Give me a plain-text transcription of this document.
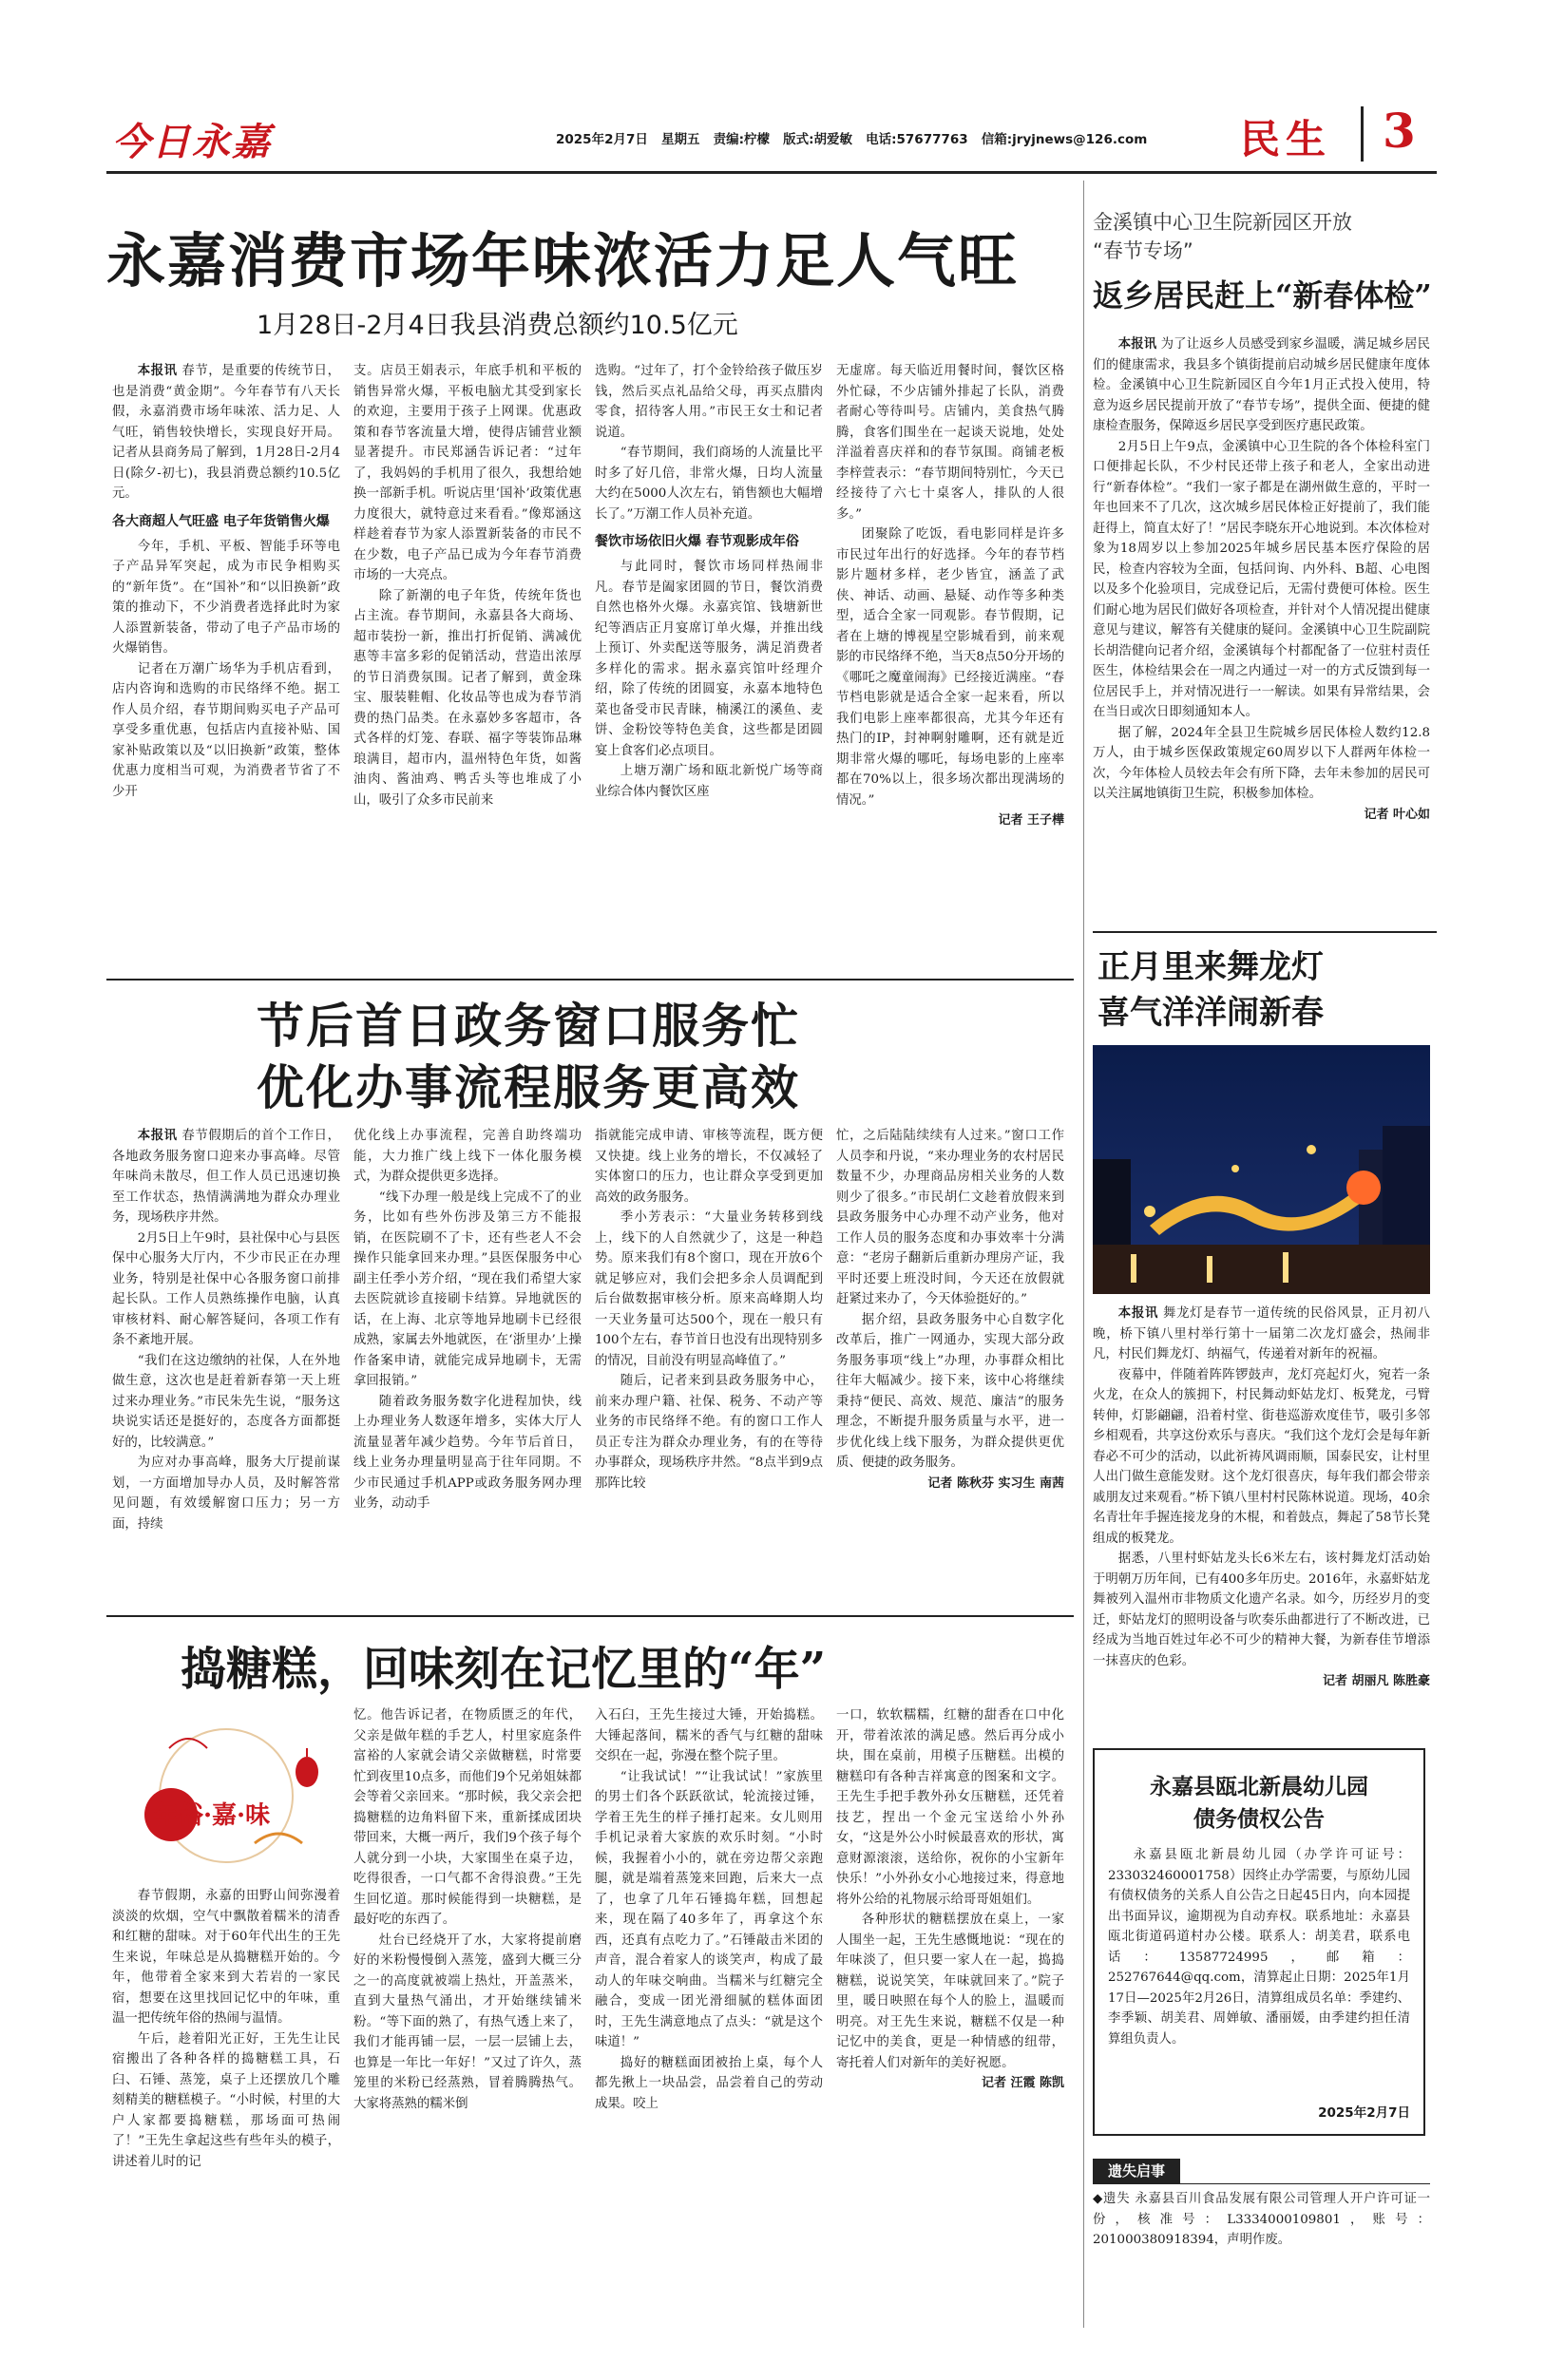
今日永嘉	2025年2月7日 星期五 责编:柠檬 版式:胡爱敏 电话:57677763 信箱:jryjnews@126.com 民生 3
永嘉消费市场年味浓活力足人气旺
1月28日-2月4日我县消费总额约10.5亿元

本报讯 春节，是重要的传统节日，也是消费“黄金期”。今年春节有八天长假，永嘉消费市场年味浓、活力足、人气旺，销售较快增长，实现良好开局。记者从县商务局了解到，1月28日-2月4日(除夕-初七)，我县消费总额约10.5亿元。

各大商超人气旺盛 电子年货销售火爆

今年，手机、平板、智能手环等电子产品异军突起，成为市民争相购买的“新年货”。在“国补”和“以旧换新”政策的推动下，不少消费者选择此时为家人添置新装备，带动了电子产品市场的火爆销售。

记者在万潮广场华为手机店看到，店内咨询和选购的市民络绎不绝。据工作人员介绍，春节期间购买电子产品可享受多重优惠，包括店内直接补贴、国家补贴政策以及“以旧换新”政策，整体优惠力度相当可观，为消费者节省了不少开

支。店员王娟表示，年底手机和平板的销售异常火爆，平板电脑尤其受到家长的欢迎，主要用于孩子上网课。优惠政策和春节客流量大增，使得店铺营业额显著提升。市民郑涵告诉记者：“过年了，我妈妈的手机用了很久，我想给她换一部新手机。听说店里‘国补’政策优惠力度很大，就特意过来看看。”像郑涵这样趁着春节为家人添置新装备的市民不在少数，电子产品已成为今年春节消费市场的一大亮点。

除了新潮的电子年货，传统年货也占主流。春节期间，永嘉县各大商场、超市装扮一新，推出打折促销、满减优惠等丰富多彩的促销活动，营造出浓厚的节日消费氛围。记者了解到，黄金珠宝、服装鞋帽、化妆品等也成为春节消费的热门品类。在永嘉妙多客超市，各式各样的灯笼、春联、福字等装饰品琳琅满目，超市内，温州特色年货，如酱油肉、酱油鸡、鸭舌头等也堆成了小山，吸引了众多市民前来

选购。“过年了，打个金铃给孩子做压岁钱，然后买点礼品给父母，再买点腊肉零食，招待客人用。”市民王女士和记者说道。

“春节期间，我们商场的人流量比平时多了好几倍，非常火爆，日均人流量大约在5000人次左右，销售额也大幅增长了。”万潮工作人员补充道。

餐饮市场依旧火爆 春节观影成年俗

与此同时，餐饮市场同样热闹非凡。春节是阖家团圆的节日，餐饮消费自然也格外火爆。永嘉宾馆、钱塘新世纪等酒店正月宴席订单火爆，并推出线上预订、外卖配送等服务，满足消费者多样化的需求。据永嘉宾馆叶经理介绍，除了传统的团圆宴，永嘉本地特色菜也备受市民青睐，楠溪江的溪鱼、麦饼、金粉饺等特色美食，这些都是团圆宴上食客们必点项目。

上塘万潮广场和瓯北新悦广场等商业综合体内餐饮区座

无虚席。每天临近用餐时间，餐饮区格外忙碌，不少店铺外排起了长队，消费者耐心等待叫号。店铺内，美食热气腾腾，食客们围坐在一起谈天说地，处处洋溢着喜庆祥和的春节氛围。商铺老板李梓萱表示：“春节期间特别忙，今天已经接待了六七十桌客人，排队的人很多。”

团聚除了吃饭，看电影同样是许多市民过年出行的好选择。今年的春节档影片题材多样，老少皆宜，涵盖了武侠、神话、动画、悬疑、动作等多种类型，适合全家一同观影。春节假期，记者在上塘的博视星空影城看到，前来观影的市民络绎不绝，当天8点50分开场的《哪吒之魔童闹海》已经接近满座。“春节档电影就是适合全家一起来看，所以我们电影上座率都很高，尤其今年还有热门的IP，封神啊射雕啊，还有就是近期非常火爆的哪吒，每场电影的上座率都在70%以上，很多场次都出现满场的情况。”

记者 王子樺
节后首日政务窗口服务忙
优化办事流程服务更高效

本报讯 春节假期后的首个工作日，各地政务服务窗口迎来办事高峰。尽管年味尚未散尽，但工作人员已迅速切换至工作状态，热情满满地为群众办理业务，现场秩序井然。

2月5日上午9时，县社保中心与县医保中心服务大厅内，不少市民正在办理业务，特别是社保中心各服务窗口前排起长队。工作人员熟练操作电脑，认真审核材料、耐心解答疑问，各项工作有条不紊地开展。

“我们在这边缴纳的社保，人在外地做生意，这次也是赶着新春第一天上班过来办理业务。”市民朱先生说，“服务这块说实话还是挺好的，态度各方面都挺好的，比较满意。”

为应对办事高峰，服务大厅提前谋划，一方面增加导办人员，及时解答常见问题，有效缓解窗口压力；另一方面，持续

优化线上办事流程，完善自助终端功能，大力推广线上线下一体化服务模式，为群众提供更多选择。

“线下办理一般是线上完成不了的业务，比如有些外伤涉及第三方不能报销，在医院刷不了卡，还有些老人不会操作只能拿回来办理。”县医保服务中心副主任季小芳介绍，“现在我们希望大家去医院就诊直接刷卡结算。异地就医的话，在上海、北京等地异地刷卡已经很成熟，家属去外地就医，在‘浙里办’上操作备案申请，就能完成异地刷卡，无需拿回报销。”

随着政务服务数字化进程加快，线上办理业务人数逐年增多，实体大厅人流量显著年减少趋势。今年节后首日，线上业务办理量明显高于往年同期。不少市民通过手机APP或政务服务网办理业务，动动手

指就能完成申请、审核等流程，既方便又快捷。线上业务的增长，不仅减轻了实体窗口的压力，也让群众享受到更加高效的政务服务。

季小芳表示：“大量业务转移到线上，线下的人自然就少了，这是一种趋势。原来我们有8个窗口，现在开放6个就足够应对，我们会把多余人员调配到后台做数据审核分析。原来高峰期人均一天业务量可达500个，现在一般只有100个左右，春节首日也没有出现特别多的情况，目前没有明显高峰值了。”

随后，记者来到县政务服务中心，前来办理户籍、社保、税务、不动产等业务的市民络绎不绝。有的窗口工作人员正专注为群众办理业务，有的在等待办事群众，现场秩序井然。“8点半到9点那阵比较

忙，之后陆陆续续有人过来。”窗口工作人员李和丹说，“来办理业务的农村居民数量不少，办理商品房相关业务的人数则少了很多。”市民胡仁文趁着放假来到县政务服务中心办理不动产业务，他对工作人员的服务态度和办事效率十分满意：“老房子翻新后重新办理房产证，我平时还要上班没时间，今天还在放假就赶紧过来办了，今天体验挺好的。”

据介绍，县政务服务中心自数字化改革后，推广一网通办，实现大部分政务服务事项“线上”办理，办事群众相比往年大幅减少。接下来，该中心将继续秉持“便民、高效、规范、廉洁”的服务理念，不断提升服务质量与水平，进一步优化线上线下服务，为群众提供更优质、便捷的政务服务。

记者 陈秋芬 实习生 南茜
捣糖糕，回味刻在记忆里的“年”
年俗·嘉·味

春节假期，永嘉的田野山间弥漫着淡淡的炊烟，空气中飘散着糯米的清香和红糖的甜味。对于60年代出生的王先生来说，年味总是从捣糖糕开始的。今年，他带着全家来到大若岩的一家民宿，想要在这里找回记忆中的年味，重温一把传统年俗的热闹与温情。

午后，趁着阳光正好，王先生让民宿搬出了各种各样的捣糖糕工具，石臼、石锤、蒸笼，桌子上还摆放几个雕刻精美的糖糕模子。“小时候，村里的大户人家都要捣糖糕，那场面可热闹了！”王先生拿起这些有些年头的模子，讲述着儿时的记

忆。他告诉记者，在物质匮乏的年代，父亲是做年糕的手艺人，村里家庭条件富裕的人家就会请父亲做糖糕，时常要忙到夜里10点多，而他们9个兄弟姐妹都会等着父亲回来。“那时候，我父亲会把捣糖糕的边角料留下来，重新揉成团块带回来，大概一两斤，我们9个孩子每个人就分到一小块，大家围坐在桌子边，吃得很香，一口气都不舍得浪费。”王先生回忆道。那时候能得到一块糖糕，是最好吃的东西了。

灶台已经烧开了水，大家将提前磨好的米粉慢慢倒入蒸笼，盛到大概三分之一的高度就被端上热灶，开盖蒸米，直到大量热气涌出，才开始继续铺米粉。“等下面的熟了，有热气透上来了，我们才能再铺一层，一层一层铺上去，也算是一年比一年好！”又过了许久，蒸笼里的米粉已经蒸熟，冒着腾腾热气。大家将蒸熟的糯米倒

入石臼，王先生接过大锤，开始捣糕。大锤起落间，糯米的香气与红糖的甜味交织在一起，弥漫在整个院子里。

“让我试试！”“让我试试！”家族里的男士们各个跃跃欲试，轮流接过锤，学着王先生的样子捶打起来。女儿则用手机记录着大家族的欢乐时刻。“小时候，我握着小小的，就在旁边帮父亲跑腿，就是端着蒸笼来回跑，后来大一点了，也拿了几年石锤捣年糕，回想起来，现在隔了40多年了，再拿这个东西，还真有点吃力了。”石锤敲击米团的声音，混合着家人的谈笑声，构成了最动人的年味交响曲。当糯米与红糖完全融合，变成一团光滑细腻的糕体面团时，王先生满意地点了点头：“就是这个味道！”

捣好的糖糕面团被抬上桌，每个人都先揪上一块品尝，品尝着自己的劳动成果。咬上

一口，软软糯糯，红糖的甜香在口中化开，带着浓浓的满足感。然后再分成小块，围在桌前，用模子压糖糕。出模的糖糕印有各种吉祥寓意的图案和文字。王先生手把手教外孙女压糖糕，还凭着技艺，捏出一个金元宝送给小外孙女，“这是外公小时候最喜欢的形状，寓意财源滚滚，送给你，祝你的小宝新年快乐！”小外孙女小心地接过来，得意地将外公给的礼物展示给哥哥姐姐们。

各种形状的糖糕摆放在桌上，一家人围坐一起，王先生感慨地说：“现在的年味淡了，但只要一家人在一起，捣捣糖糕，说说笑笑，年味就回来了。”院子里，暖日映照在每个人的脸上，温暖而明亮。对王先生来说，糖糕不仅是一种记忆中的美食，更是一种情感的纽带，寄托着人们对新年的美好祝愿。

记者 汪霞 陈凯
金溪镇中心卫生院新园区开放
“春节专场”
返乡居民赶上“新春体检”

本报讯 为了让返乡人员感受到家乡温暖，满足城乡居民们的健康需求，我县多个镇街提前启动城乡居民健康年度体检。金溪镇中心卫生院新园区自今年1月正式投入使用，特意为返乡居民提前开放了“春节专场”，提供全面、便捷的健康检查服务，保障返乡居民享受到医疗惠民政策。

2月5日上午9点，金溪镇中心卫生院的各个体检科室门口便排起长队，不少村民还带上孩子和老人，全家出动进行“新春体检”。“我们一家子都是在湖州做生意的，平时一年也回来不了几次，这次城乡居民体检正好提前了，我们能赶得上，简直太好了！”居民李晓东开心地说到。本次体检对象为18周岁以上参加2025年城乡居民基本医疗保险的居民，检查内容较为全面，包括问询、内外科、B超、心电图以及多个化验项目，完成登记后，无需付费便可体检。医生们耐心地为居民们做好各项检查，并针对个人情况提出健康意见与建议，解答有关健康的疑问。金溪镇中心卫生院副院长胡浩健向记者介绍，金溪镇每个村都配备了一位驻村责任医生，体检结果会在一周之内通过一对一的方式反馈到每一位居民手上，并对情况进行一一解读。如果有异常结果，会在当日或次日即刻通知本人。

据了解，2024年全县卫生院城乡居民体检人数约12.8万人，由于城乡医保政策规定60周岁以下人群两年体检一次，今年体检人员较去年会有所下降，去年未参加的居民可以关注属地镇街卫生院，积极参加体检。

记者 叶心如
正月里来舞龙灯
喜气洋洋闹新春

本报讯 舞龙灯是春节一道传统的民俗风景，正月初八晚，桥下镇八里村举行第十一届第二次龙灯盛会，热闹非凡，村民们舞龙灯、纳福气，传递着对新年的祝福。

夜幕中，伴随着阵阵锣鼓声，龙灯亮起灯火，宛若一条火龙，在众人的簇拥下，村民舞动虾姑龙灯、板凳龙，弓臂转伸，灯影翩翩，沿着村堂、街巷巡游欢度佳节，吸引多邻乡相观看，共享这份欢乐与喜庆。“我们这个龙灯会是每年新春必不可少的活动，以此祈祷风调雨顺，国泰民安，让村里人出门做生意能发财。这个龙灯很喜庆，每年我们都会带亲戚朋友过来观看。”桥下镇八里村村民陈林说道。现场，40余名青壮年手握连接龙身的木棍，和着鼓点，舞起了58节长凳组成的板凳龙。

据悉，八里村虾姑龙头长6米左右，该村舞龙灯活动始于明朝万历年间，已有400多年历史。2016年，永嘉虾姑龙舞被列入温州市非物质文化遗产名录。如今，历经岁月的变迁，虾姑龙灯的照明设备与吹奏乐曲都进行了不断改进，已经成为当地百姓过年必不可少的精神大餐，为新春佳节增添一抹喜庆的色彩。

记者 胡丽凡 陈胜豪
永嘉县瓯北新晨幼儿园
债务债权公告

永嘉县瓯北新晨幼儿园（办学许可证号：233032460001758）因终止办学需要，与原幼儿园有债权债务的关系人自公告之日起45日内，向本园提出书面异议，逾期视为自动弃权。联系地址：永嘉县瓯北街道码道村办公楼。联系人：胡美君，联系电话：13587724995，邮箱：252767644@qq.com，清算起止日期：2025年1月17日—2025年2月26日，清算组成员名单：季建约、李季颖、胡美君、周婵敏、潘丽媛，由季建约担任清算组负责人。

2025年2月7日
遗失启事

◆遗失 永嘉县百川食品发展有限公司管理人开户许可证一份，核准号：L3334000109801，账号：201000380918394，声明作废。
